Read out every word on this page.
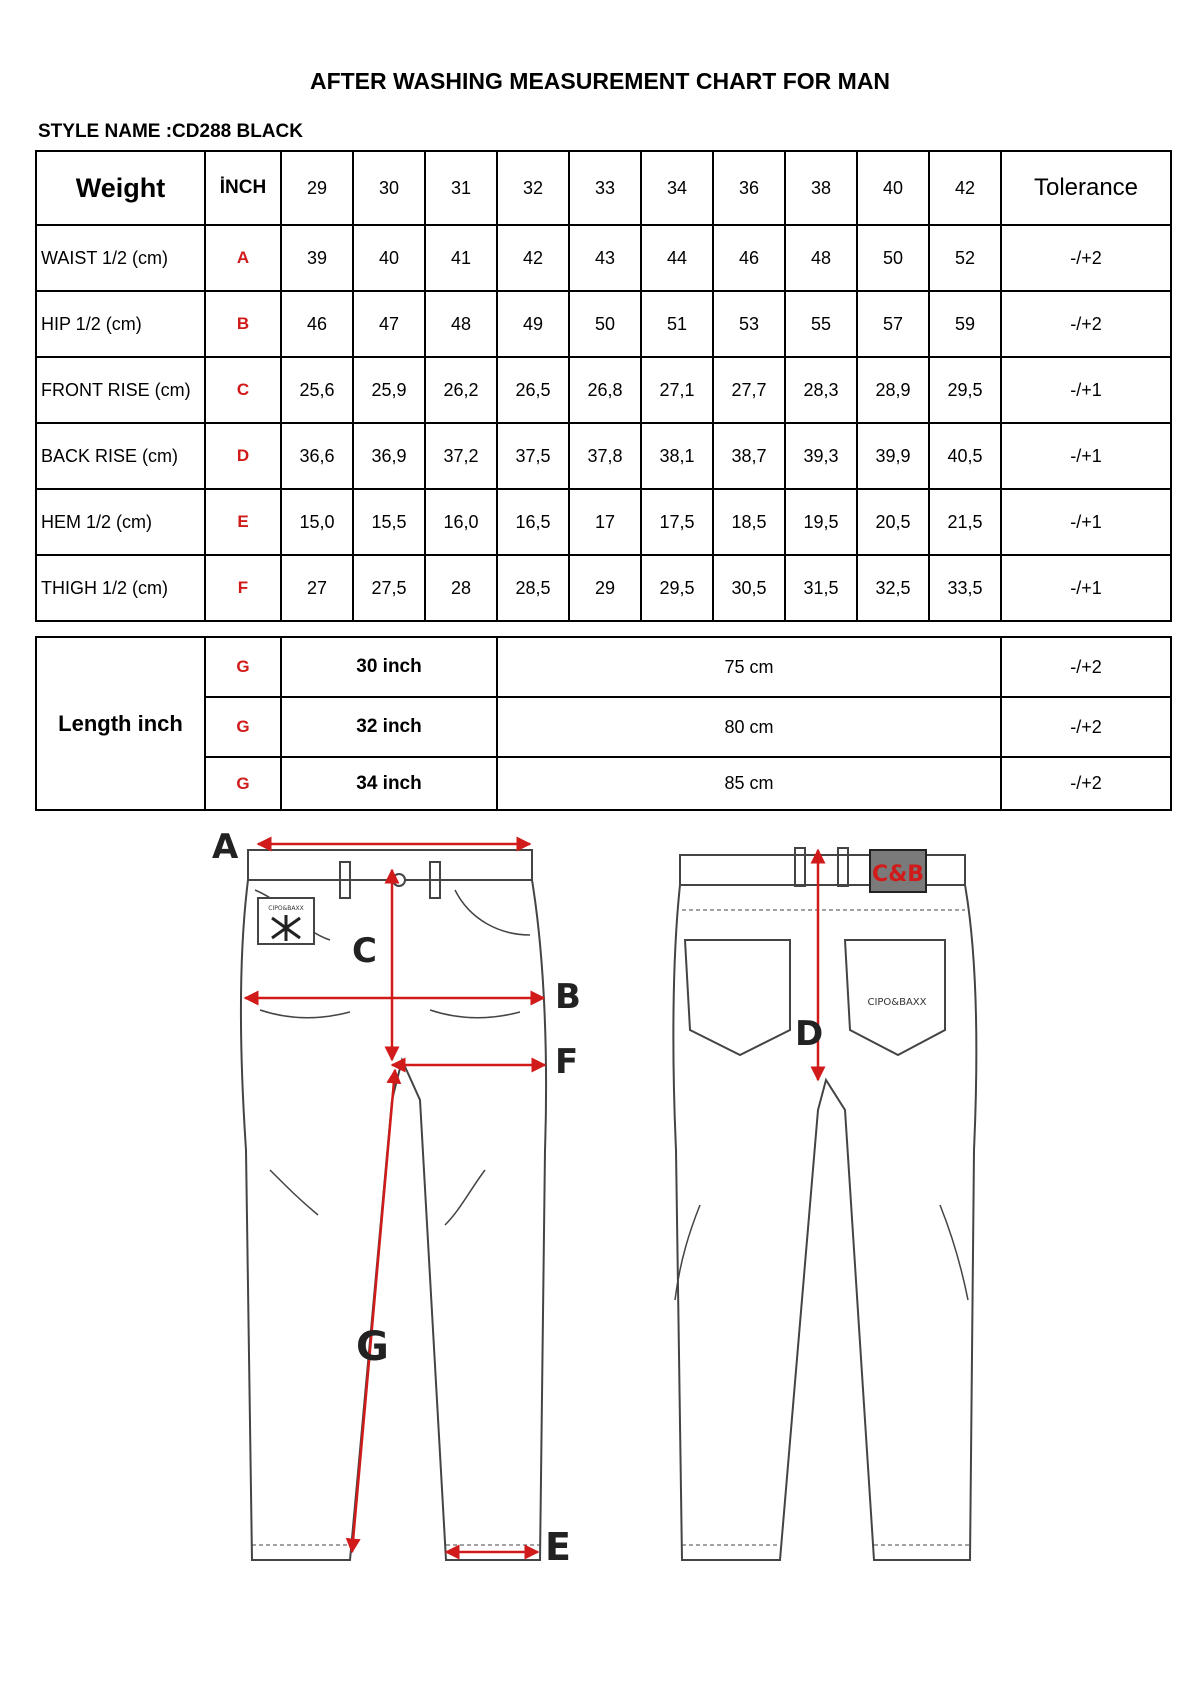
AFTER WASHING MEASUREMENT CHART FOR MAN
STYLE NAME :CD288 BLACK
Weight	İNCH	29	30	31	32	33	34	36	38	40	42	Tolerance
WAIST 1/2 (cm)	A	39	40	41	42	43	44	46	48	50	52	-/+2
HIP 1/2 (cm)	B	46	47	48	49	50	51	53	55	57	59	-/+2
FRONT RISE (cm)	C	25,6	25,9	26,2	26,5	26,8	27,1	27,7	28,3	28,9	29,5	-/+1
BACK RISE (cm)	D	36,6	36,9	37,2	37,5	37,8	38,1	38,7	39,3	39,9	40,5	-/+1
HEM 1/2 (cm)	E	15,0	15,5	16,0	16,5	17	17,5	18,5	19,5	20,5	21,5	-/+1
THIGH 1/2 (cm)	F	27	27,5	28	28,5	29	29,5	30,5	31,5	32,5	33,5	-/+1
Length inch	G	30 inch	75 cm	-/+2
	G	32 inch	80 cm	-/+2
	G	34 inch	85 cm	-/+2
CIPO&BAXX
A
C
B
F
G
E
C&B
CIPO&BAXX
D
